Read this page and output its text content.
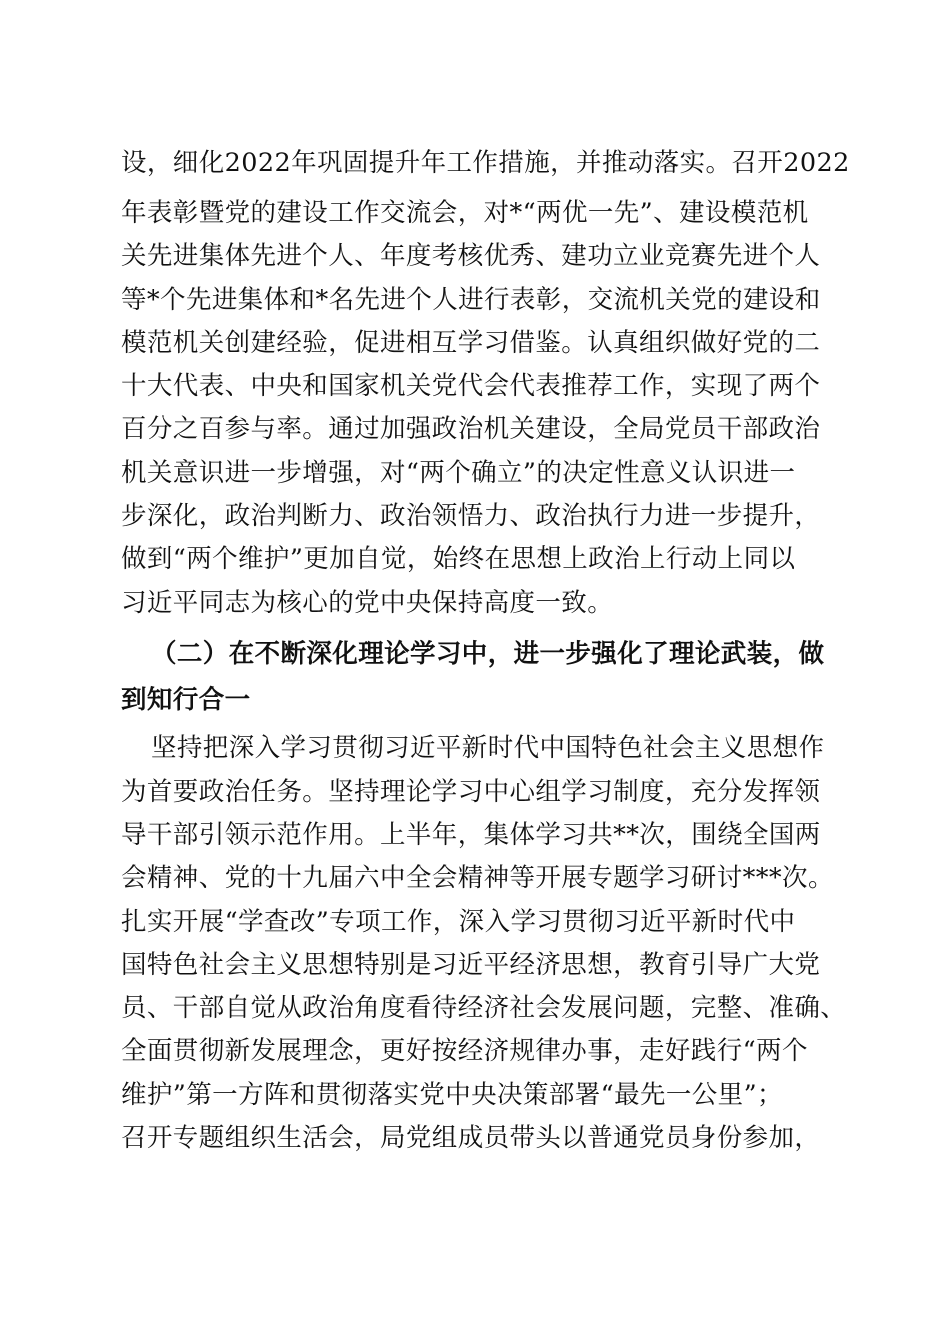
设，细化2022年巩固提升年工作措施，并推动落实。召开2022
年表彰暨党的建设工作交流会，对*“两优一先”、建设模范机
关先进集体先进个人、年度考核优秀、建功立业竞赛先进个人
等*个先进集体和*名先进个人进行表彰，交流机关党的建设和
模范机关创建经验，促进相互学习借鉴。认真组织做好党的二
十大代表、中央和国家机关党代会代表推荐工作，实现了两个
百分之百参与率。通过加强政治机关建设，全局党员干部政治
机关意识进一步增强，对“两个确立”的决定性意义认识进一
步深化，政治判断力、政治领悟力、政治执行力进一步提升，
做到“两个维护”更加自觉，始终在思想上政治上行动上同以
习近平同志为核心的党中央保持高度一致。
（二）在不断深化理论学习中，进一步强化了理论武装，做
到知行合一
坚持把深入学习贯彻习近平新时代中国特色社会主义思想作
为首要政治任务。坚持理论学习中心组学习制度，充分发挥领
导干部引领示范作用。上半年，集体学习共**次，围绕全国两
会精神、党的十九届六中全会精神等开展专题学习研讨***次。
扎实开展“学查改”专项工作，深入学习贯彻习近平新时代中
国特色社会主义思想特别是习近平经济思想，教育引导广大党
员、干部自觉从政治角度看待经济社会发展问题，完整、准确、
全面贯彻新发展理念，更好按经济规律办事，走好践行“两个
维护”第一方阵和贯彻落实党中央决策部署“最先一公里”；
召开专题组织生活会，局党组成员带头以普通党员身份参加，
